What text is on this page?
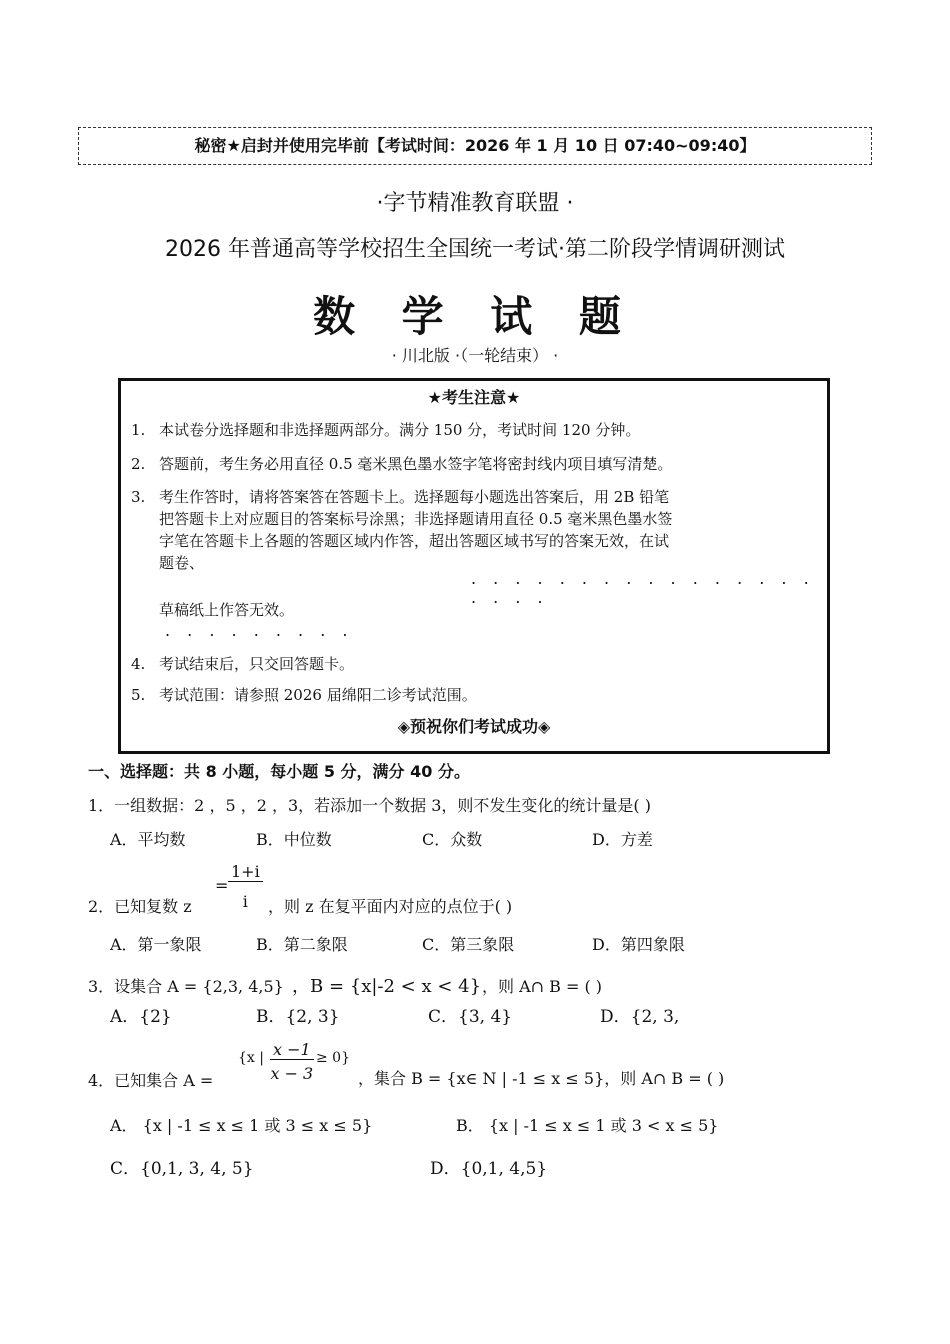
秘密★启封并使用完毕前【考试时间：2026 年 1 月 10 日 07:40~09:40】
·字节精准教育联盟 ·
2026 年普通高等学校招生全国统一考试·第二阶段学情调研测试
数 学 试 题
· 川北版 ·（一轮结束） ·
★考生注意★
1. 本试卷分选择题和非选择题两部分。满分 150 分，考试时间 120 分钟。
2. 答题前，考生务必用直径 0.5 毫米黑色墨水签字笔将密封线内项目填写清楚。
3. 考生作答时，请将答案答在答题卡上。选择题每小题选出答案后，用 2B 铅笔
把答题卡上对应题目的答案标号涂黑；非选择题请用直径 0.5 毫米黑色墨水签
字笔在答题卡上各题的答题区域内作答，超出答题区域书写的答案无效，在试
题卷、
. . . . . . . . . . . . . . . . . . . .
草稿纸上作答无效。
. . . . . . . . .
4. 考试结束后，只交回答题卡。
5. 考试范围：请参照 2026 届绵阳二诊考试范围。
◈预祝你们考试成功◈
一、选择题：共 8 小题，每小题 5 分，满分 40 分。
1．一组数据：2 ，5 ，2 ，3，若添加一个数据 3，则不发生变化的统计量是( )
A．平均数	B．中位数	C．众数	D．方差
2．已知复数 z
= $\frac{1+i}{i}$ ，则 z 在复平面内对应的点位于( )
A．第一象限	B．第二象限	C．第三象限	D．第四象限
3．设集合 A = {2,3, 4,5} ，B = {x|-2 < x < 4} ，则 A∩ B = ( )
A．{2}	B．{2, 3}	C．{3, 4}	D．{2, 3,
4．已知集合 A =
{x | $\frac{x -1}{x - 3} \ge 0$}
，集合 B = {x∈ N | -1 ≤ x ≤ 5}，则 A∩ B = ( )
A． {x | -1 ≤ x ≤ 1 或 3 ≤ x ≤ 5}	B． {x | -1 ≤ x ≤ 1 或 3 < x ≤ 5}
C．{0,1, 3, 4, 5}	D．{0,1, 4,5}
